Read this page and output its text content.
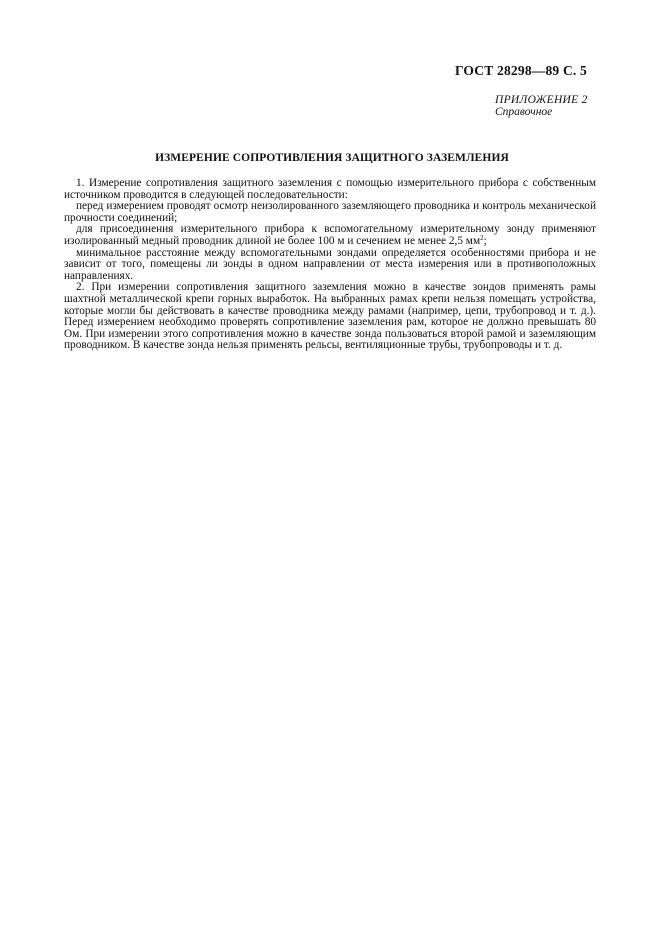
ГОСТ 28298—89 С. 5
ПРИЛОЖЕНИЕ 2
Справочное
ИЗМЕРЕНИЕ СОПРОТИВЛЕНИЯ ЗАЩИТНОГО ЗАЗЕМЛЕНИЯ

1. Измерение сопротивления защитного заземления с помощью измерительного прибора с собственным источником проводится в следующей последовательности:

перед измерением проводят осмотр неизолированного заземляющего проводника и контроль механической прочности соединений;

для присоединения измерительного прибора к вспомогательному измерительному зонду применяют изолированный медный проводник длиной не более 100 м и сечением не менее 2,5 $мм^2$;

минимальное расстояние между вспомогательными зондами определяется особенностями прибора и не зависит от того, помещены ли зонды в одном направлении от места измерения или в противоположных направлениях.

2. При измерении сопротивления защитного заземления можно в качестве зондов применять рамы шахтной металлической крепи горных выработок. На выбранных рамах крепи нельзя помещать устройства, которые могли бы действовать в качестве проводника между рамами (например, цепи, трубопровод и т. д.). Перед измерением необходимо проверять сопротивление заземления рам, которое не должно превышать 80 Ом. При измерении этого сопротивления можно в качестве зонда пользоваться второй рамой и заземляющим проводником. В качестве зонда нельзя применять рельсы, вентиляционные трубы, трубопроводы и т. д.
